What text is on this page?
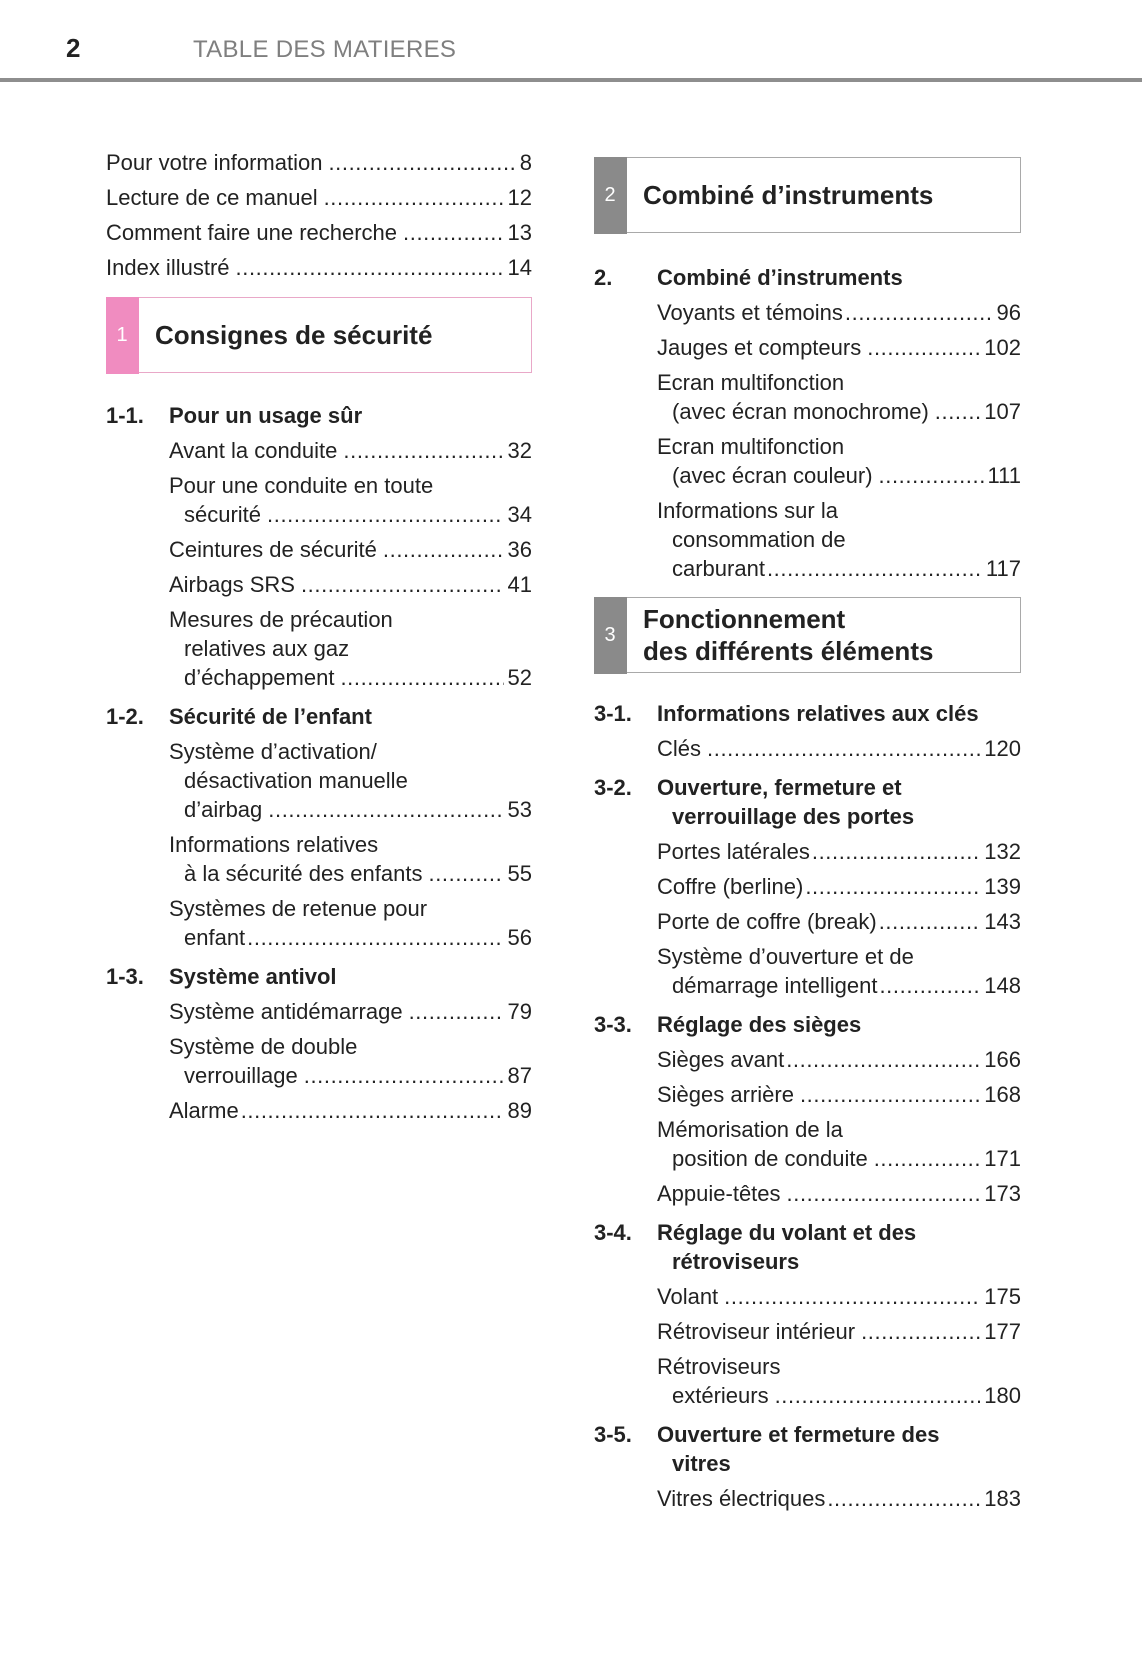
2	TABLE DES MATIERES
Pour votre information .....	8
Lecture de ce manuel .....	12
Comment faire une recherche .....	13
Index illustré .....	14
1	Consignes de sécurité
1-1.	Pour un usage sûr
Avant la conduite .....	32
Pour une conduite en toute
sécurité .....	34
Ceintures de sécurité .....	36
Airbags SRS .....	41
Mesures de précaution
relatives aux gaz
d’échappement .....	52
1-2.	Sécurité de l’enfant
Système d’activation/
désactivation manuelle
d’airbag .....	53
Informations relatives
à la sécurité des enfants .....	55
Systèmes de retenue pour
enfant .....	56
1-3.	Système antivol
Système antidémarrage .....	79
Système de double
verrouillage .....	87
Alarme .....	89
2	Combiné d’instruments
2.	Combiné d’instruments
Voyants et témoins .....	96
Jauges et compteurs .....	102
Ecran multifonction
(avec écran monochrome) .....	107
Ecran multifonction
(avec écran couleur) .....	111
Informations sur la
consommation de
carburant .....	117
3
Fonctionnement
des différents éléments
3-1.	Informations relatives aux clés
Clés .....	120
3-2.	Ouverture, fermeture et
verrouillage des portes
Portes latérales .....	132
Coffre (berline) .....	139
Porte de coffre (break) .....	143
Système d’ouverture et de
démarrage intelligent .....	148
3-3.	Réglage des sièges
Sièges avant .....	166
Sièges arrière .....	168
Mémorisation de la
position de conduite .....	171
Appuie-têtes .....	173
3-4.	Réglage du volant et des
rétroviseurs
Volant .....	175
Rétroviseur intérieur .....	177
Rétroviseurs
extérieurs .....	180
3-5.	Ouverture et fermeture des
vitres
Vitres électriques .....	183
